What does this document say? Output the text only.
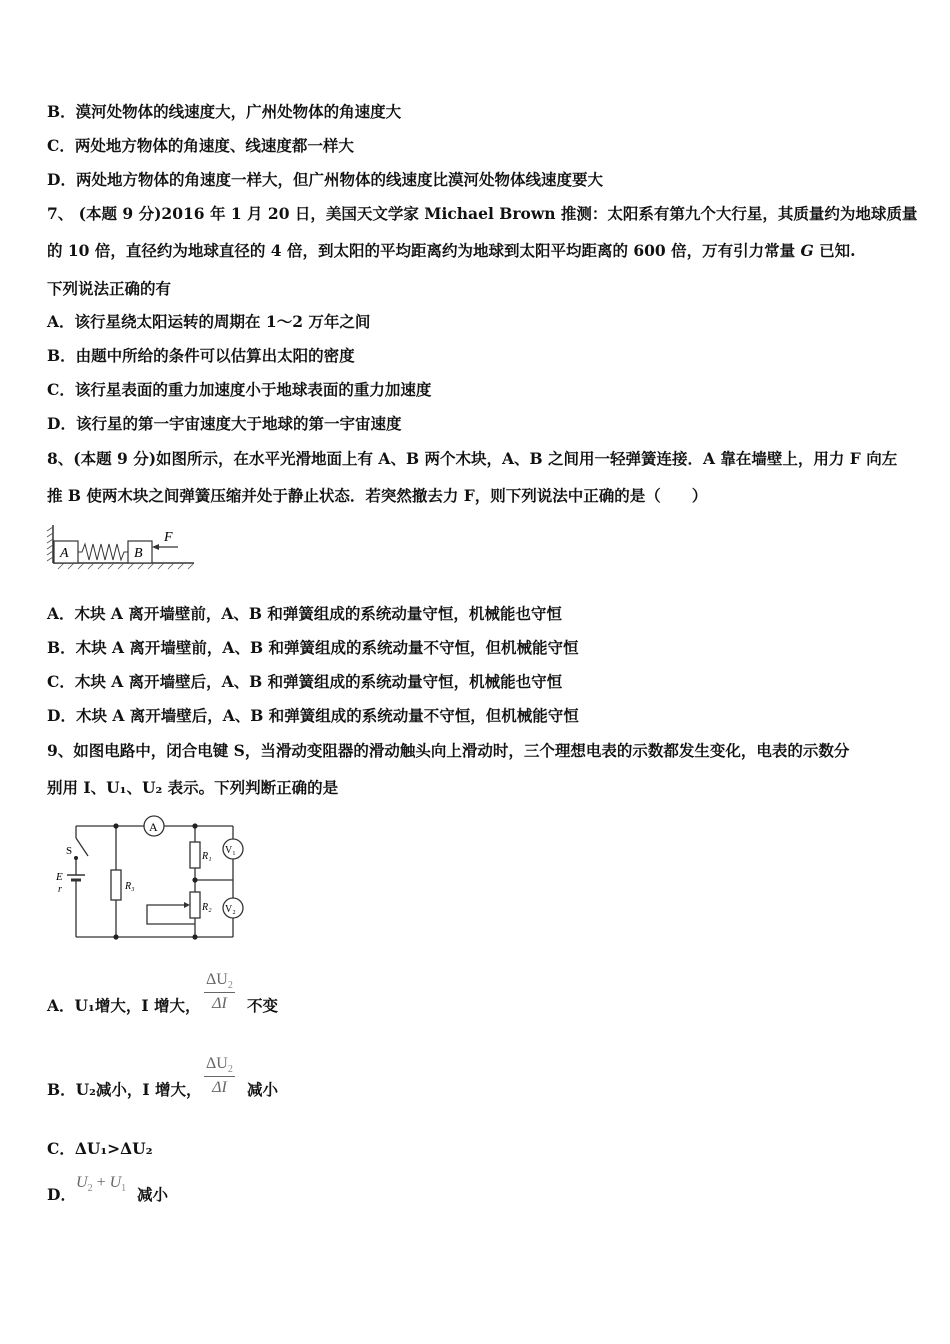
B．漠河处物体的线速度大，广州处物体的角速度大
C．两处地方物体的角速度、线速度都一样大
D．两处地方物体的角速度一样大，但广州物体的线速度比漠河处物体线速度要大
7、 (本题 9 分)2016 年 1 月 20 日，美国天文学家 Michael Brown 推测：太阳系有第九个大行星，其质量约为地球质量
的 10 倍，直径约为地球直径的 4 倍，到太阳的平均距离约为地球到太阳平均距离的 600 倍，万有引力常量 G 已知.
下列说法正确的有
A．该行星绕太阳运转的周期在 1～2 万年之间
B．由题中所给的条件可以估算出太阳的密度
C．该行星表面的重力加速度小于地球表面的重力加速度
D．该行星的第一宇宙速度大于地球的第一宇宙速度
8、(本题 9 分)如图所示，在水平光滑地面上有 A、B 两个木块，A、B 之间用一轻弹簧连接．A 靠在墙壁上，用力 F 向左
推 B 使两木块之间弹簧压缩并处于静止状态．若突然撤去力 F，则下列说法中正确的是（　　）
A	B
F
A．木块 A 离开墙壁前，A、B 和弹簧组成的系统动量守恒，机械能也守恒
B．木块 A 离开墙壁前，A、B 和弹簧组成的系统动量不守恒，但机械能守恒
C．木块 A 离开墙壁后，A、B 和弹簧组成的系统动量守恒，机械能也守恒
D．木块 A 离开墙壁后，A、B 和弹簧组成的系统动量不守恒，但机械能守恒
9、如图电路中，闭合电键 S，当滑动变阻器的滑动触头向上滑动时，三个理想电表的示数都发生变化，电表的示数分
别用 I、U₁、U₂ 表示。下列判断正确的是
A
V₁
V₂
S
E
r	R₃
R₁
R₂
A．U₁增大，I 增大， $\frac{\Delta U_2}{\Delta I}$ 不变
B．U₂减小，I 增大， $\frac{\Delta U_2}{\Delta I}$ 减小
C．ΔU₁>ΔU₂
D．
$U_2 + U_1$ 减小
